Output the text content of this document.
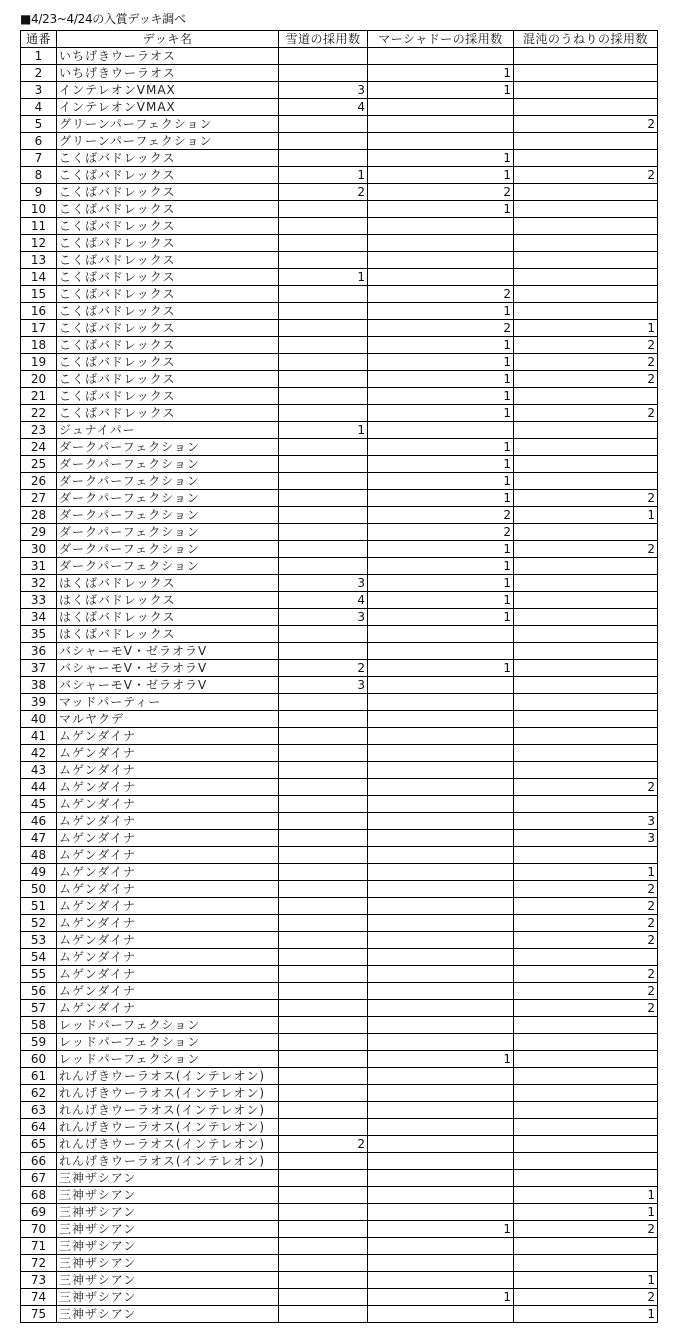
■4/23~4/24の入賞デッキ調べ
通番	デッキ名	雪道の採用数	マーシャドーの採用数	混沌のうねりの採用数
1	いちげきウーラオス			
2	いちげきウーラオス		1	
3	インテレオンVMAX	3	1	
4	インテレオンVMAX	4		
5	グリーンパーフェクション			2
6	グリーンパーフェクション			
7	こくばバドレックス		1	
8	こくばバドレックス	1	1	2
9	こくばバドレックス	2	2	
10	こくばバドレックス		1	
11	こくばバドレックス			
12	こくばバドレックス			
13	こくばバドレックス			
14	こくばバドレックス	1		
15	こくばバドレックス		2	
16	こくばバドレックス		1	
17	こくばバドレックス		2	1
18	こくばバドレックス		1	2
19	こくばバドレックス		1	2
20	こくばバドレックス		1	2
21	こくばバドレックス		1	
22	こくばバドレックス		1	2
23	ジュナイパー	1		
24	ダークパーフェクション		1	
25	ダークパーフェクション		1	
26	ダークパーフェクション		1	
27	ダークパーフェクション		1	2
28	ダークパーフェクション		2	1
29	ダークパーフェクション		2	
30	ダークパーフェクション		1	2
31	ダークパーフェクション		1	
32	はくばバドレックス	3	1	
33	はくばバドレックス	4	1	
34	はくばバドレックス	3	1	
35	はくばバドレックス			
36	バシャーモV・ゼラオラV			
37	バシャーモV・ゼラオラV	2	1	
38	バシャーモV・ゼラオラV	3		
39	マッドパーティー			
40	マルヤクデ			
41	ムゲンダイナ			
42	ムゲンダイナ			
43	ムゲンダイナ			
44	ムゲンダイナ			2
45	ムゲンダイナ			
46	ムゲンダイナ			3
47	ムゲンダイナ			3
48	ムゲンダイナ			
49	ムゲンダイナ			1
50	ムゲンダイナ			2
51	ムゲンダイナ			2
52	ムゲンダイナ			2
53	ムゲンダイナ			2
54	ムゲンダイナ			
55	ムゲンダイナ			2
56	ムゲンダイナ			2
57	ムゲンダイナ			2
58	レッドパーフェクション			
59	レッドパーフェクション			
60	レッドパーフェクション		1	
61	れんげきウーラオス(インテレオン)			
62	れんげきウーラオス(インテレオン)			
63	れんげきウーラオス(インテレオン)			
64	れんげきウーラオス(インテレオン)			
65	れんげきウーラオス(インテレオン)	2		
66	れんげきウーラオス(インテレオン)			
67	三神ザシアン			
68	三神ザシアン			1
69	三神ザシアン			1
70	三神ザシアン		1	2
71	三神ザシアン			
72	三神ザシアン			
73	三神ザシアン			1
74	三神ザシアン		1	2
75	三神ザシアン			1
